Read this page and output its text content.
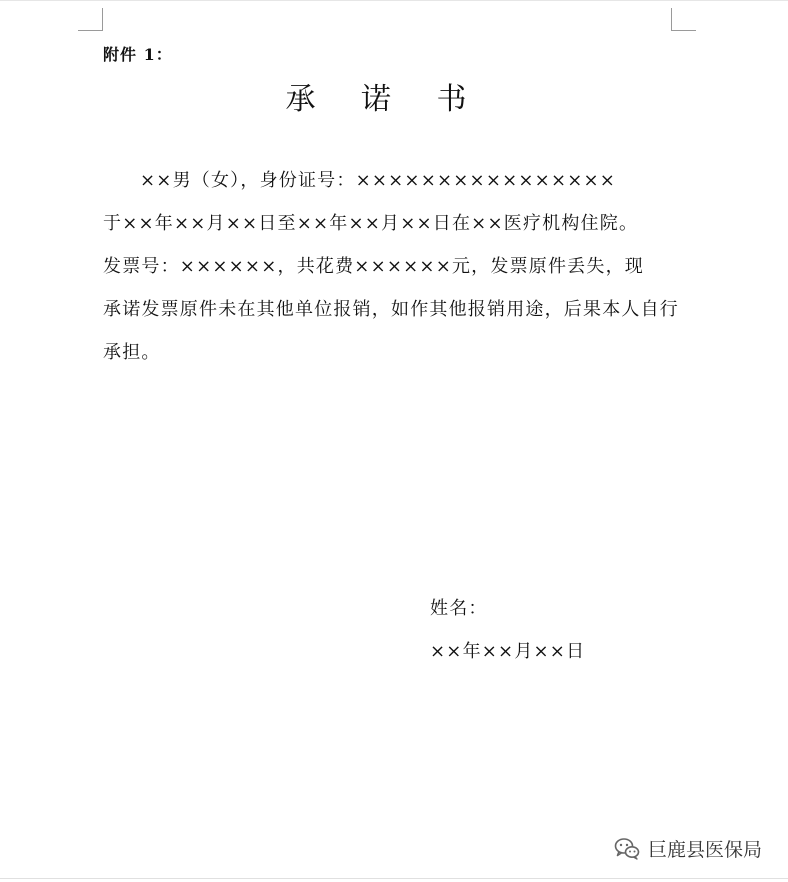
附件 1：
承 诺 书
××男（女），身份证号：××××××××××××××××
于××年××月××日至××年××月××日在××医疗机构住院。
发票号：××××××，共花费××××××元，发票原件丢失，现
承诺发票原件未在其他单位报销，如作其他报销用途，后果本人自行
承担。
姓名：
××年××月××日
巨鹿县医保局
